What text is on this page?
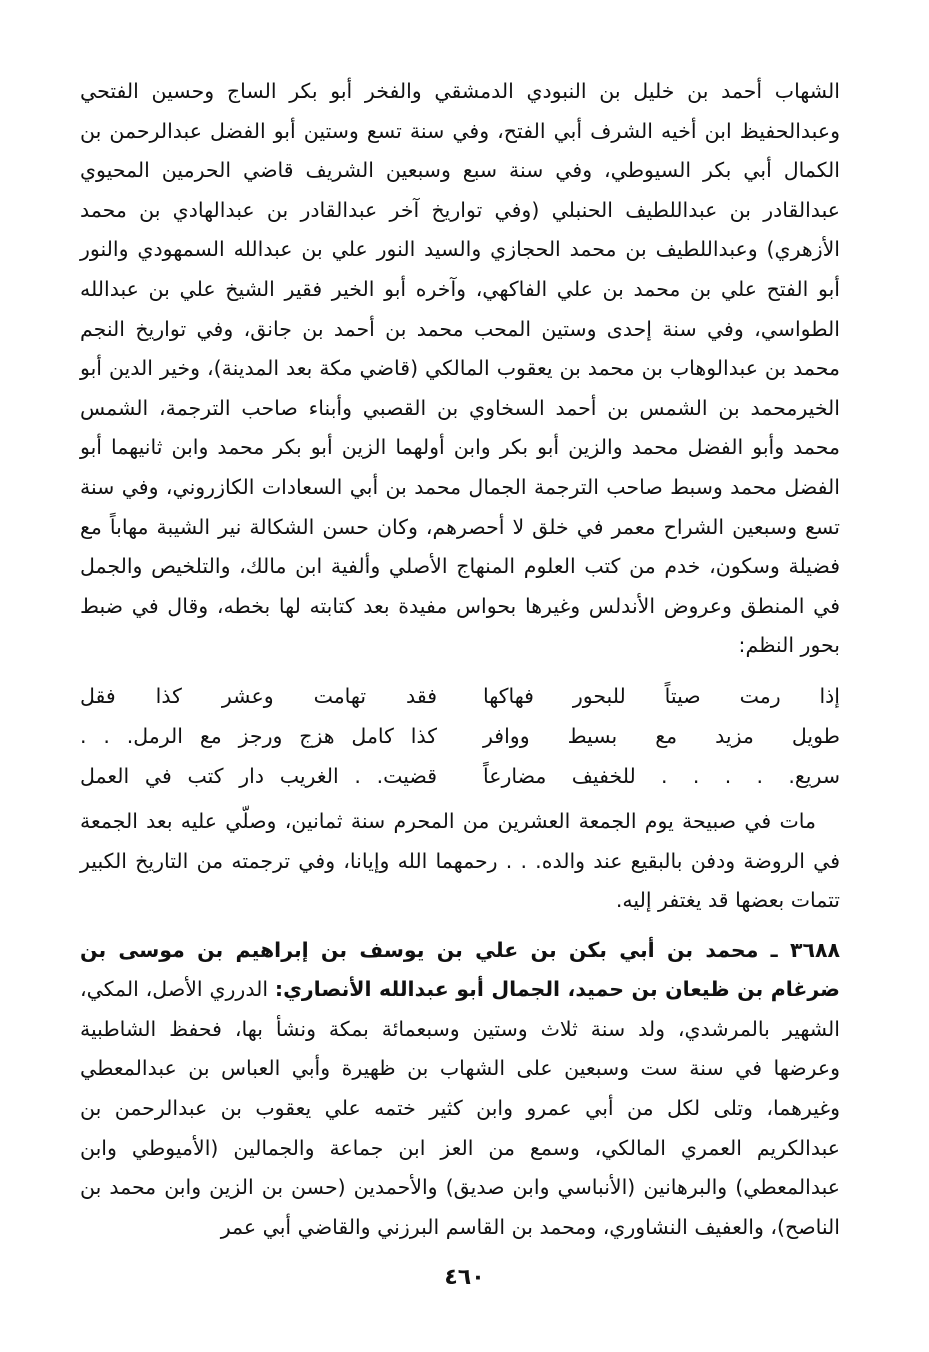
الشهاب أحمد بن خليل بن النبودي الدمشقي والفخر أبو بكر الساج وحسين الفتحي وعبدالحفيظ ابن أخيه الشرف أبي الفتح، وفي سنة تسع وستين أبو الفضل عبدالرحمن بن الكمال أبي بكر السيوطي، وفي سنة سبع وسبعين الشريف قاضي الحرمين المحيوي عبدالقادر بن عبداللطيف الحنبلي (وفي تواريخ آخر عبدالقادر بن عبدالهادي بن محمد الأزهري) وعبداللطيف بن محمد الحجازي والسيد النور علي بن عبدالله السمهودي والنور أبو الفتح علي بن محمد بن علي الفاكهي، وآخره أبو الخير فقير الشيخ علي بن عبدالله الطواسي، وفي سنة إحدى وستين المحب محمد بن أحمد بن جانق، وفي تواريخ النجم محمد بن عبدالوهاب بن محمد بن يعقوب المالكي (قاضي مكة بعد المدينة)، وخير الدين أبو الخيرمحمد بن الشمس بن أحمد السخاوي بن القصبي وأبناء صاحب الترجمة، الشمس محمد وأبو الفضل محمد والزين أبو بكر وابن أولهما الزين أبو بكر محمد وابن ثانيهما أبو الفضل محمد وسبط صاحب الترجمة الجمال محمد بن أبي السعادات الكازروني، وفي سنة تسع وسبعين الشراح معمر في خلق لا أحصرهم، وكان حسن الشكالة نير الشيبة مهاباً مع فضيلة وسكون، خدم من كتب العلوم المنهاج الأصلي وألفية ابن مالك، والتلخيص والجمل في المنطق وعروض الأندلس وغيرها بحواس مفيدة بعد كتابته لها بخطه، وقال في ضبط بحور النظم:

إذا رمت صيتاً للبحور فهاكها
فقد تهامت وعشر كذا فقل
طويل مزيد مع بسيط ووافر
كذا كامل هزج ورجز مع الرمل. . .
سريع. . . . . للخفيف مضارعاً
قضيت. . الغريب دار كتب في العمل

مات في صبيحة يوم الجمعة العشرين من المحرم سنة ثمانين، وصلّي عليه بعد الجمعة في الروضة ودفن بالبقيع عند والده. . . رحمهما الله وإيانا، وفي ترجمته من التاريخ الكبير تتمات بعضها قد يغتفر إليه.

٣٦٨٨ ـ محمد بن أبي بكن بن علي بن يوسف بن إبراهيم بن موسى بن ضرغام بن ظيعان بن حميد، الجمال أبو عبدالله الأنصاري: الدرري الأصل، المكي، الشهير بالمرشدي، ولد سنة ثلاث وستين وسبعمائة بمكة ونشأ بها، فحفظ الشاطبية وعرضها في سنة ست وسبعين على الشهاب بن ظهيرة وأبي العباس بن عبدالمعطي وغيرهما، وتلى لكل من أبي عمرو وابن كثير ختمه علي يعقوب بن عبدالرحمن بن عبدالكريم العمري المالكي، وسمع من العز ابن جماعة والجمالين (الأميوطي وابن عبدالمعطي) والبرهانين (الأنباسي وابن صديق) والأحمدين (حسن بن الزين وابن محمد بن الناصح)، والعفيف النشاوري، ومحمد بن القاسم البرزني والقاضي أبي عمر

٤٦٠
